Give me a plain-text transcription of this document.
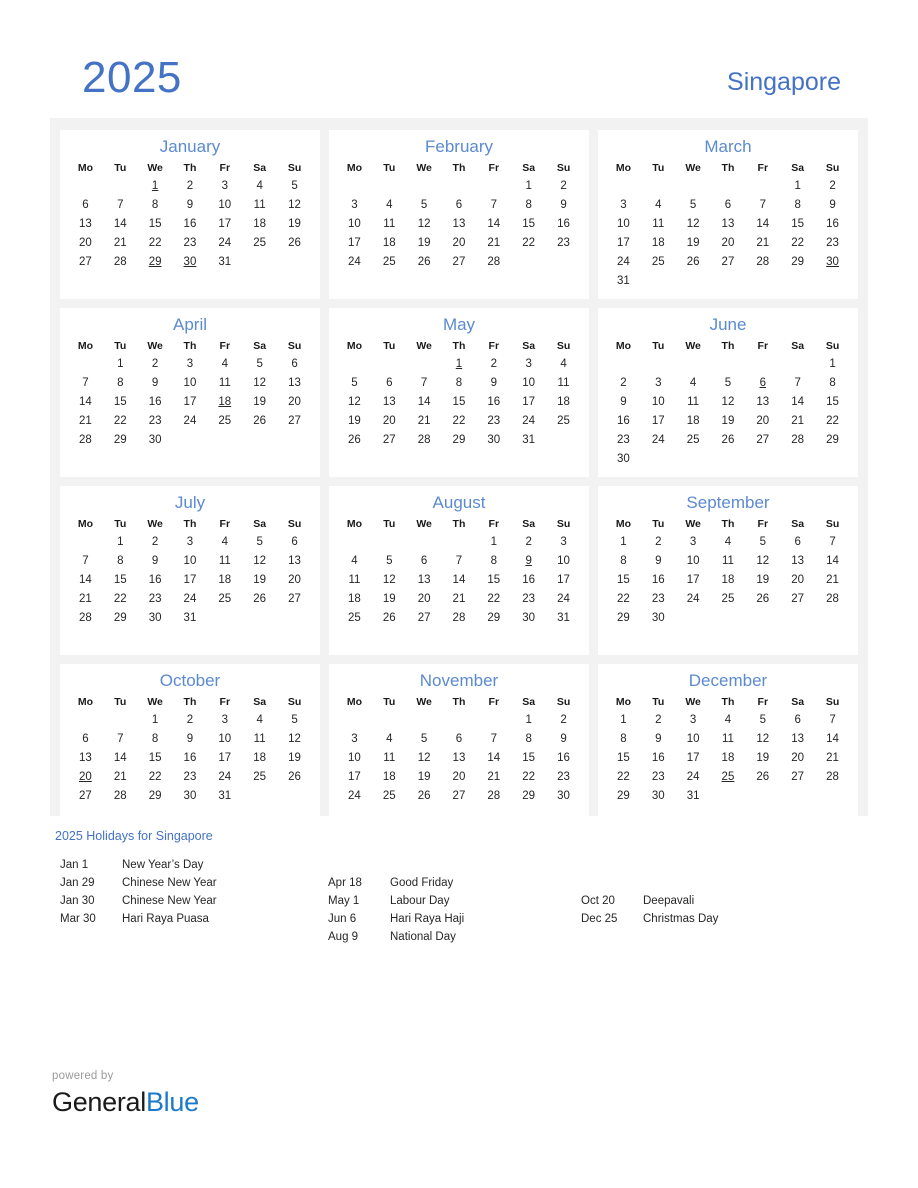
2025	Singapore
January
Mo	Tu	We	Th	Fr	Sa	Su
		1	2	3	4	5
6	7	8	9	10	11	12
13	14	15	16	17	18	19
20	21	22	23	24	25	26
27	28	29	30	31		

February
Mo	Tu	We	Th	Fr	Sa	Su
					1	2
3	4	5	6	7	8	9
10	11	12	13	14	15	16
17	18	19	20	21	22	23
24	25	26	27	28		

March
Mo	Tu	We	Th	Fr	Sa	Su
					1	2
3	4	5	6	7	8	9
10	11	12	13	14	15	16
17	18	19	20	21	22	23
24	25	26	27	28	29	30
31						
April
Mo	Tu	We	Th	Fr	Sa	Su
	1	2	3	4	5	6
7	8	9	10	11	12	13
14	15	16	17	18	19	20
21	22	23	24	25	26	27
28	29	30				

May
Mo	Tu	We	Th	Fr	Sa	Su
			1	2	3	4
5	6	7	8	9	10	11
12	13	14	15	16	17	18
19	20	21	22	23	24	25
26	27	28	29	30	31	

June
Mo	Tu	We	Th	Fr	Sa	Su
						1
2	3	4	5	6	7	8
9	10	11	12	13	14	15
16	17	18	19	20	21	22
23	24	25	26	27	28	29
30						
July
Mo	Tu	We	Th	Fr	Sa	Su
	1	2	3	4	5	6
7	8	9	10	11	12	13
14	15	16	17	18	19	20
21	22	23	24	25	26	27
28	29	30	31			

August
Mo	Tu	We	Th	Fr	Sa	Su
				1	2	3
4	5	6	7	8	9	10
11	12	13	14	15	16	17
18	19	20	21	22	23	24
25	26	27	28	29	30	31

September
Mo	Tu	We	Th	Fr	Sa	Su
1	2	3	4	5	6	7
8	9	10	11	12	13	14
15	16	17	18	19	20	21
22	23	24	25	26	27	28
29	30					

October
Mo	Tu	We	Th	Fr	Sa	Su
		1	2	3	4	5
6	7	8	9	10	11	12
13	14	15	16	17	18	19
20	21	22	23	24	25	26
27	28	29	30	31		

November
Mo	Tu	We	Th	Fr	Sa	Su
					1	2
3	4	5	6	7	8	9
10	11	12	13	14	15	16
17	18	19	20	21	22	23
24	25	26	27	28	29	30

December
Mo	Tu	We	Th	Fr	Sa	Su
1	2	3	4	5	6	7
8	9	10	11	12	13	14
15	16	17	18	19	20	21
22	23	24	25	26	27	28
29	30	31				

2025 Holidays for Singapore
Jan 1	New Year’s Day
Jan 29	Chinese New Year
Jan 30	Chinese New Year
Mar 30	Hari Raya Puasa
Apr 18	Good Friday
May 1	Labour Day
Jun 6	Hari Raya Haji
Aug 9	National Day
Oct 20	Deepavali
Dec 25	Christmas Day
powered by
GeneralBlue
